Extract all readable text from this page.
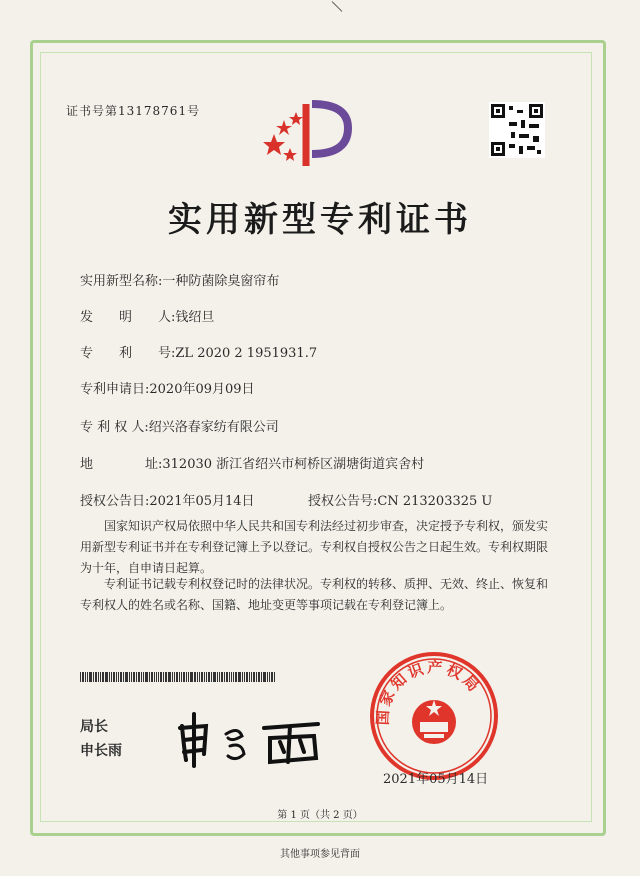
证书号第13178761号
实用新型专利证书
实用新型名称:一种防菌除臭窗帘布
发　　明　　人:钱绍旦
专　　利　　号:ZL 2020 2 1951931.7
专利申请日:2020年09月09日
专 利 权 人:绍兴洛春家纺有限公司
地　　　　址:312030 浙江省绍兴市柯桥区湖塘街道宾舍村
授权公告日:2021年05月14日	授权公告号:CN 213203325 U
国家知识产权局依照中华人民共和国专利法经过初步审查，决定授予专利权，颁发实用新型专利证书并在专利登记簿上予以登记。专利权自授权公告之日起生效。专利权期限为十年，自申请日起算。
专利证书记载专利权登记时的法律状况。专利权的转移、质押、无效、终止、恢复和专利权人的姓名或名称、国籍、地址变更等事项记载在专利登记簿上。
局长
申长雨
国家知识产权局
2021年05月14日
第 1 页（共 2 页）
其他事项参见背面
